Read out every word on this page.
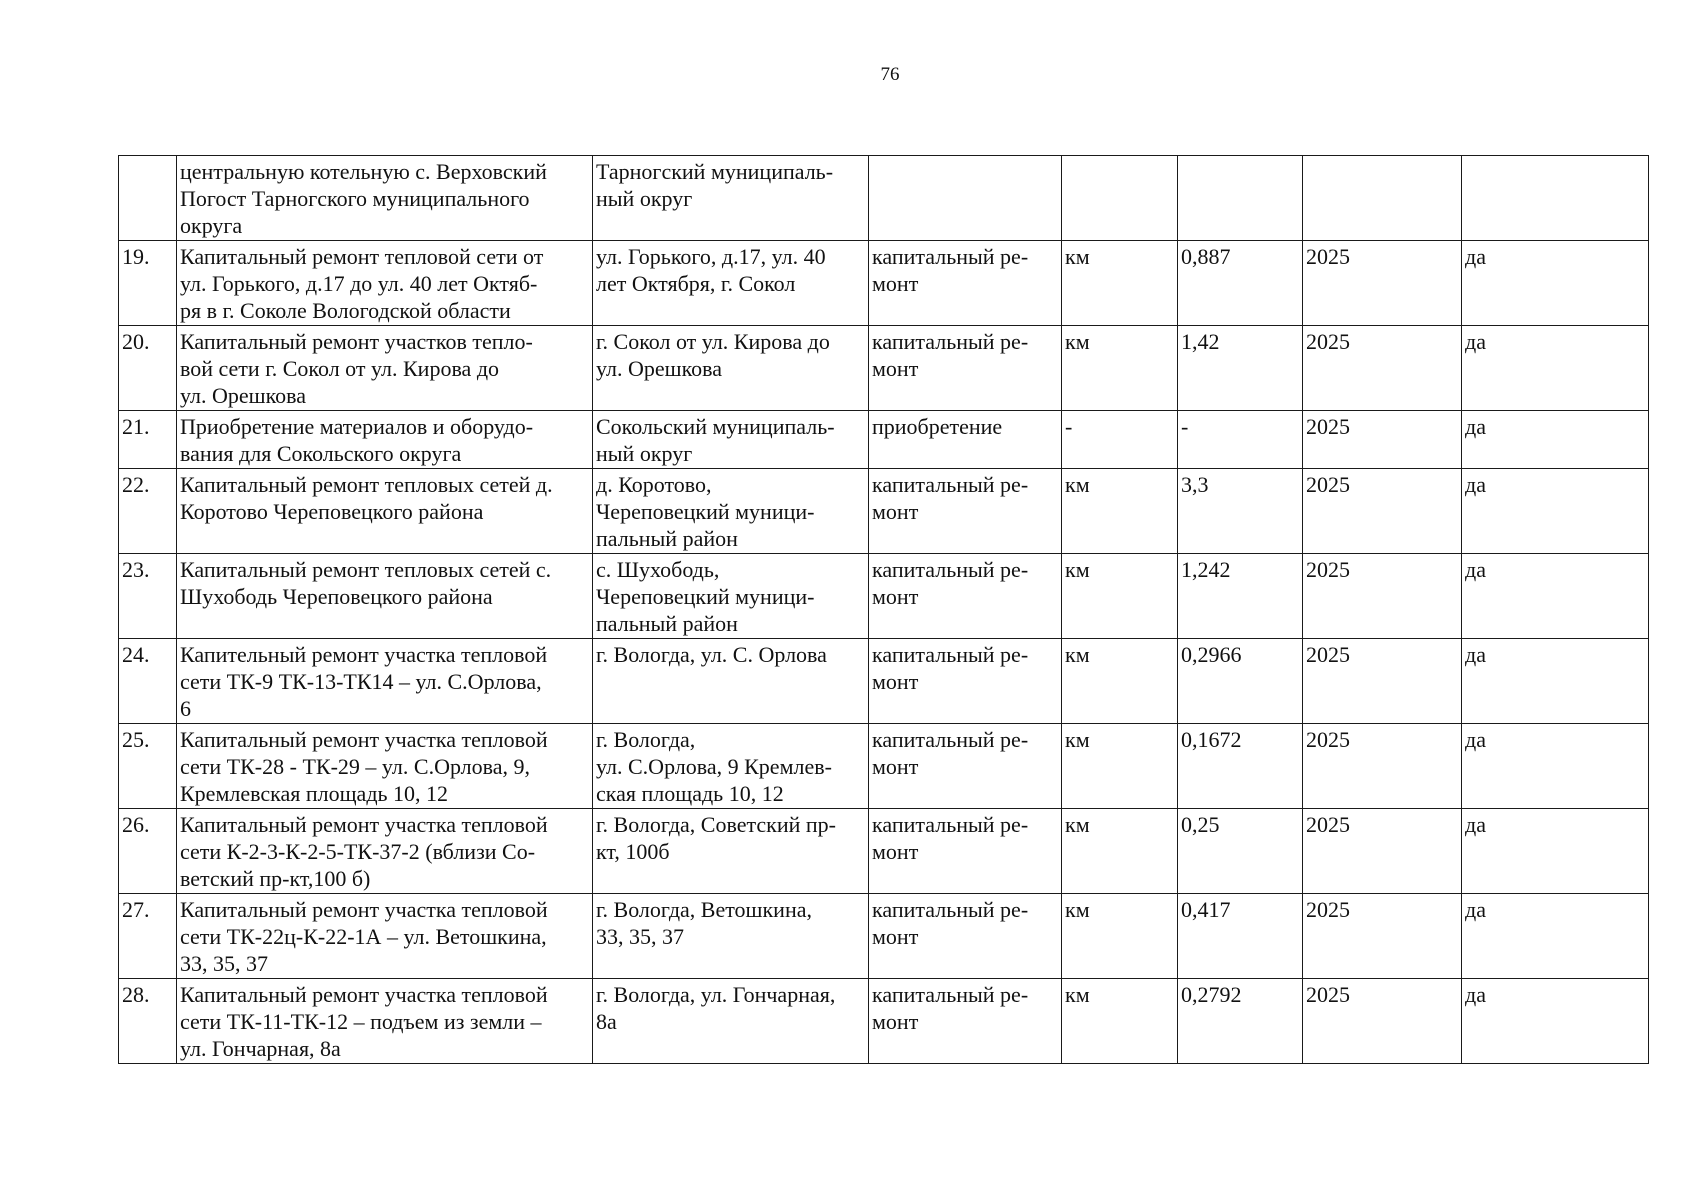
76

	центральную котельную с. Верховский
Погост Тарногского муниципального
округа	Тарногский муниципаль-
ный округ					

19.	Капитальный ремонт тепловой сети от
ул. Горького, д.17 до ул. 40 лет Октяб-
ря в г. Соколе Вологодской области	ул. Горького, д.17, ул. 40
лет Октября, г. Сокол	капитальный ре-
монт	км	0,887	2025	да
20.	Капитальный ремонт участков тепло-
вой сети г. Сокол от ул. Кирова до
ул. Орешкова	г. Сокол от ул. Кирова до
ул. Орешкова	капитальный ре-
монт	км	1,42	2025	да
21.	Приобретение материалов и оборудо-
вания для Сокольского округа	Сокольский муниципаль-
ный округ	приобретение	-	-	2025	да
22.	Капитальный ремонт тепловых сетей д.
Коротово Череповецкого района	д. Коротово,
Череповецкий муници-
пальный район	капитальный ре-
монт	км	3,3	2025	да
23.	Капитальный ремонт тепловых сетей с.
Шухободь Череповецкого района	с. Шухободь,
Череповецкий муници-
пальный район	капитальный ре-
монт	км	1,242	2025	да
24.	Капитeльный ремонт участка тепловой
сети ТК-9 ТК-13-ТК14 – ул. С.Орлова,
6	г. Вологда, ул. С. Орлова	капитальный ре-
монт	км	0,2966	2025	да
25.	Капитальный ремонт участка тепловой
сети ТК-28 - ТК-29 – ул. С.Орлова, 9,
Кремлевская площадь 10, 12	г. Вологда,
ул. С.Орлова, 9 Кремлев-
ская площадь 10, 12	капитальный ре-
монт	км	0,1672	2025	да
26.	Капитальный ремонт участка тепловой
сети К-2-3-К-2-5-ТК-37-2 (вблизи Со-
ветский пр-кт,100 б)	г. Вологда, Советский пр-
кт, 100б	капитальный ре-
монт	км	0,25	2025	да
27.	Капитальный ремонт участка тепловой
сети ТК-22ц-К-22-1А – ул. Ветошкина,
33, 35, 37	г. Вологда, Ветошкина,
33, 35, 37	капитальный ре-
монт	км	0,417	2025	да
28.	Капитальный ремонт участка тепловой
сети ТК-11-ТК-12 – подъем из земли –
ул. Гончарная, 8а	г. Вологда, ул. Гончарная,
8а	капитальный ре-
монт	км	0,2792	2025	да
